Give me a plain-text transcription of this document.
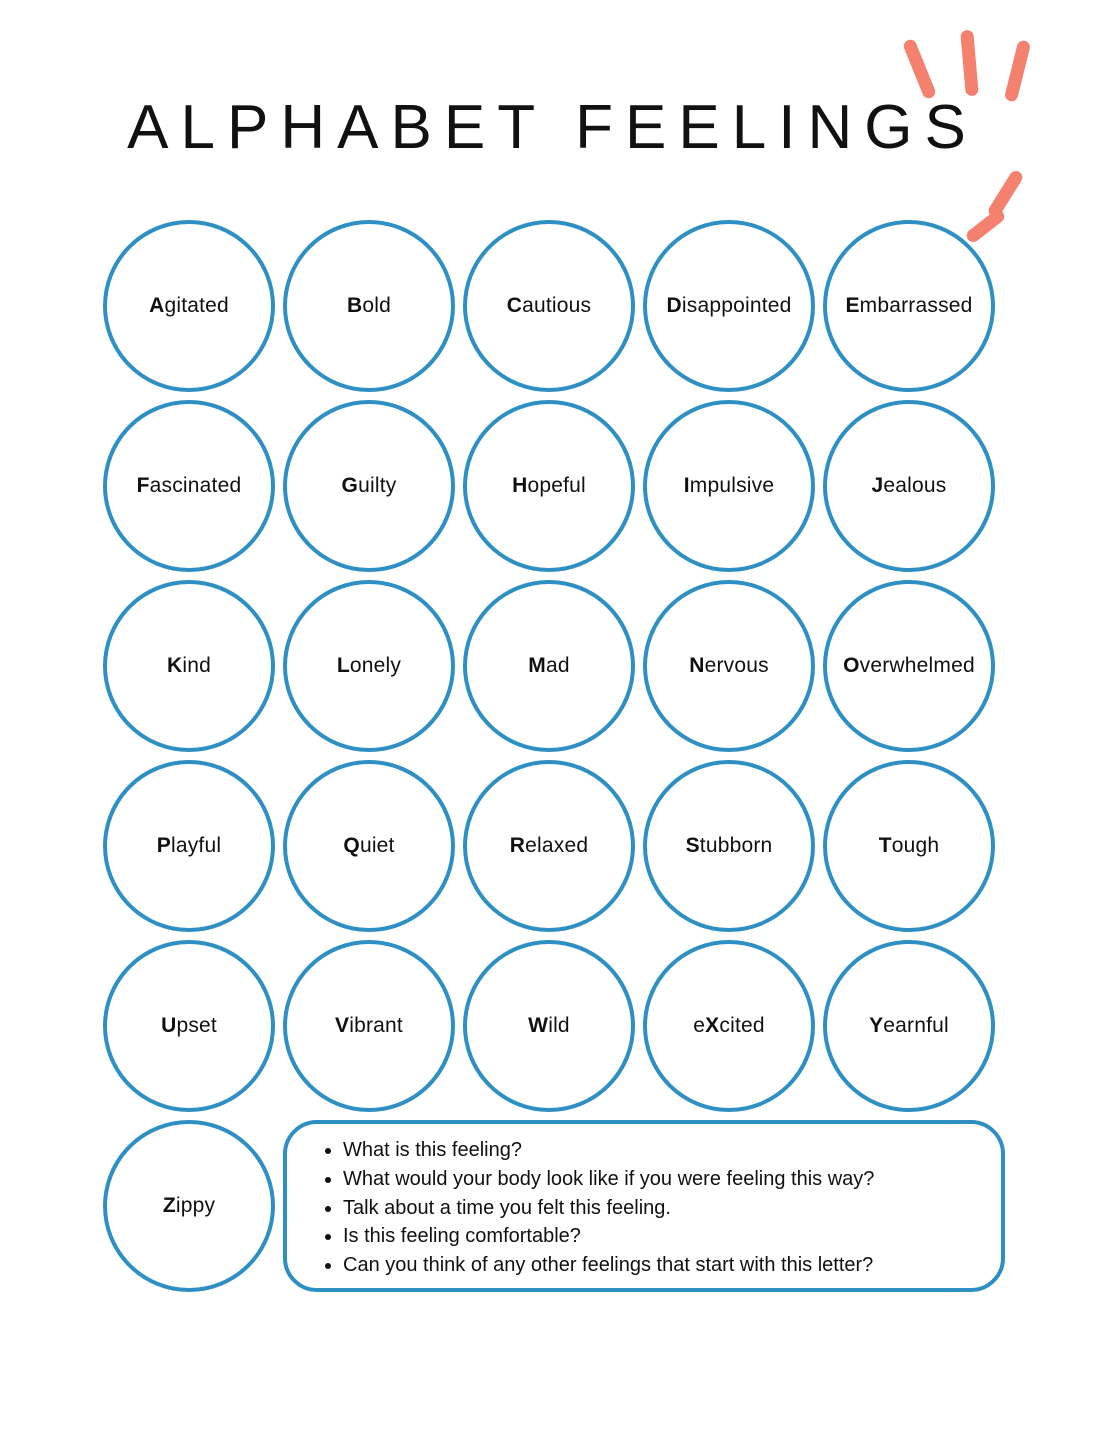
ALPHABET FEELINGS
Agitated	Bold	Cautious	Disappointed	Embarrassed
Fascinated	Guilty	Hopeful	Impulsive	Jealous
Kind	Lonely	Mad	Nervous	Overwhelmed
Playful	Quiet	Relaxed	Stubborn	Tough
Upset	Vibrant	Wild	eXcited	Yearnful
Zippy
• What is this feeling?
• What would your body look like if you were feeling this way?
• Talk about a time you felt this feeling.
• Is this feeling comfortable?
• Can you think of any other feelings that start with this letter?
